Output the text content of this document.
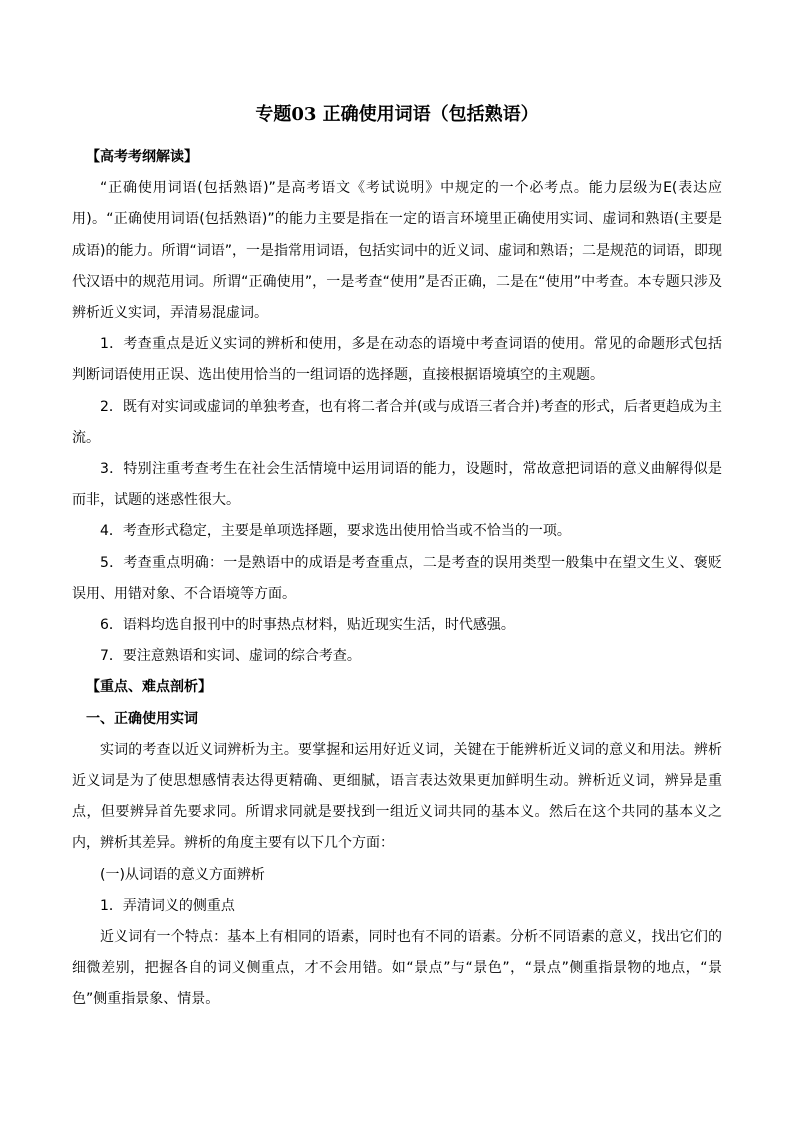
专题03 正确使用词语（包括熟语）

【高考考纲解读】

“正确使用词语(包括熟语)”是高考语文《考试说明》中规定的一个必考点。能力层级为E(表达应用)。“正确使用词语(包括熟语)”的能力主要是指在一定的语言环境里正确使用实词、虚词和熟语(主要是成语)的能力。所谓“词语”，一是指常用词语，包括实词中的近义词、虚词和熟语；二是规范的词语，即现代汉语中的规范用词。所谓“正确使用”，一是考查“使用”是否正确，二是在“使用”中考查。本专题只涉及辨析近义实词，弄清易混虚词。

1．考查重点是近义实词的辨析和使用，多是在动态的语境中考查词语的使用。常见的命题形式包括判断词语使用正误、选出使用恰当的一组词语的选择题，直接根据语境填空的主观题。

2．既有对实词或虚词的单独考查，也有将二者合并(或与成语三者合并)考查的形式，后者更趋成为主流。

3．特别注重考查考生在社会生活情境中运用词语的能力，设题时，常故意把词语的意义曲解得似是而非，试题的迷惑性很大。

4．考查形式稳定，主要是单项选择题，要求选出使用恰当或不恰当的一项。

5．考查重点明确：一是熟语中的成语是考查重点，二是考查的误用类型一般集中在望文生义、褒贬误用、用错对象、不合语境等方面。

6．语料均选自报刊中的时事热点材料，贴近现实生活，时代感强。

7．要注意熟语和实词、虚词的综合考查。

【重点、难点剖析】

一、正确使用实词

实词的考查以近义词辨析为主。要掌握和运用好近义词，关键在于能辨析近义词的意义和用法。辨析近义词是为了使思想感情表达得更精确、更细腻，语言表达效果更加鲜明生动。辨析近义词，辨异是重点，但要辨异首先要求同。所谓求同就是要找到一组近义词共同的基本义。然后在这个共同的基本义之内，辨析其差异。辨析的角度主要有以下几个方面：

(一)从词语的意义方面辨析

1．弄清词义的侧重点

近义词有一个特点：基本上有相同的语素，同时也有不同的语素。分析不同语素的意义，找出它们的细微差别，把握各自的词义侧重点，才不会用错。如“景点”与“景色”，“景点”侧重指景物的地点，“景色”侧重指景象、情景。
